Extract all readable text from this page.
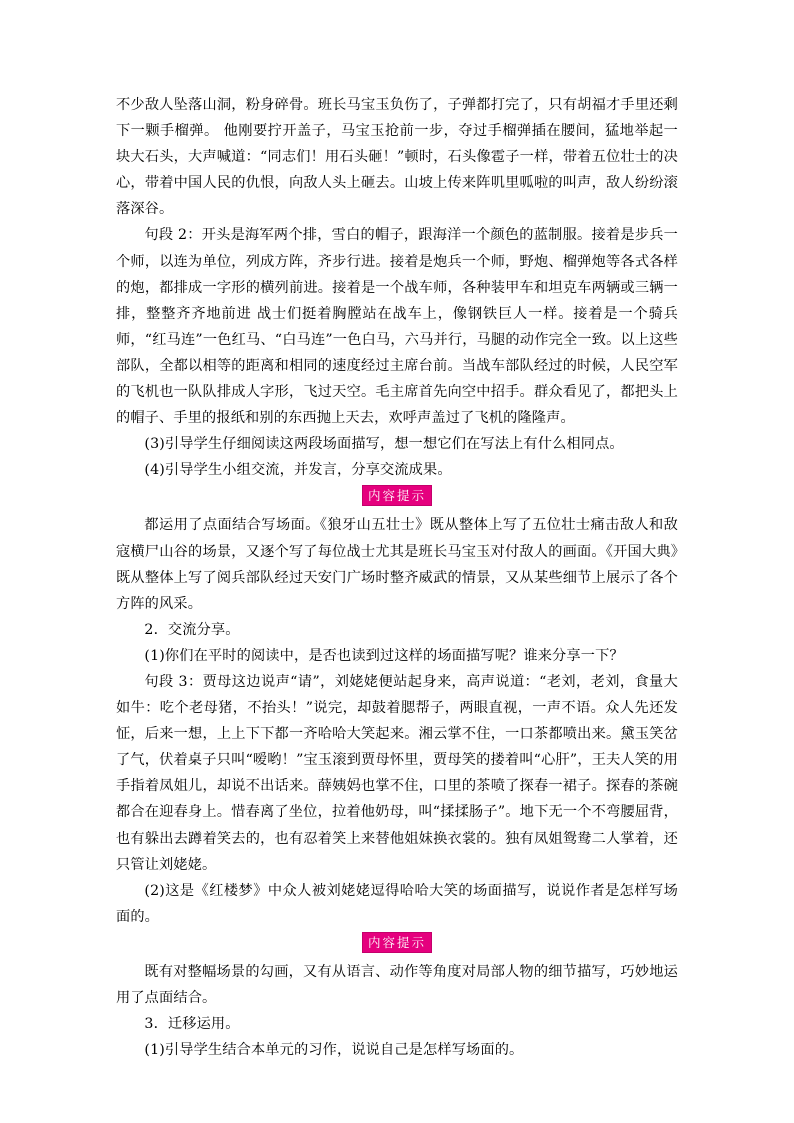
不少敌人坠落山洞，粉身碎骨。班长马宝玉负伤了，子弹都打完了，只有胡福才手里还剩下一颗手榴弹。 他刚要拧开盖子，马宝玉抢前一步，夺过手榴弹插在腰间，猛地举起一块大石头，大声喊道：“同志们！用石头砸！”顿时，石头像雹子一样，带着五位壮士的决心，带着中国人民的仇恨，向敌人头上砸去。山坡上传来阵叽里呱啦的叫声，敌人纷纷滚落深谷。

句段 2：开头是海军两个排，雪白的帽子，跟海洋一个颜色的蓝制服。接着是步兵一个师，以连为单位，列成方阵，齐步行进。接着是炮兵一个师，野炮、榴弹炮等各式各样的炮，都排成一字形的横列前进。接着是一个战车师，各种装甲车和坦克车两辆或三辆一排，整整齐齐地前进 战士们挺着胸膛站在战车上，像钢铁巨人一样。接着是一个骑兵师，“红马连”一色红马、“白马连”一色白马，六马并行，马腿的动作完全一致。以上这些部队，全都以相等的距离和相同的速度经过主席台前。当战车部队经过的时候，人民空军的飞机也一队队排成人字形，飞过天空。毛主席首先向空中招手。群众看见了，都把头上的帽子、手里的报纸和别的东西抛上天去，欢呼声盖过了飞机的隆隆声。

(3)引导学生仔细阅读这两段场面描写，想一想它们在写法上有什么相同点。

(4)引导学生小组交流，并发言，分享交流成果。

内容提示

都运用了点面结合写场面。《狼牙山五壮士》既从整体上写了五位壮士痛击敌人和敌寇横尸山谷的场景，又逐个写了每位战士尤其是班长马宝玉对付敌人的画面。《开国大典》既从整体上写了阅兵部队经过天安门广场时整齐威武的情景，又从某些细节上展示了各个方阵的风采。

2．交流分享。

(1)你们在平时的阅读中，是否也读到过这样的场面描写呢？谁来分享一下？

句段 3：贾母这边说声“请”，刘姥姥便站起身来，高声说道：“老刘，老刘，食量大如牛：吃个老母猪，不抬头！”说完，却鼓着腮帮子，两眼直视，一声不语。众人先还发怔，后来一想，上上下下都一齐哈哈大笑起来。湘云掌不住，一口茶都喷出来。黛玉笑岔了气，伏着桌子只叫“嗳哟！”宝玉滚到贾母怀里，贾母笑的搂着叫“心肝”，王夫人笑的用手指着凤姐儿，却说不出话来。薛姨妈也掌不住，口里的茶喷了探春一裙子。探春的茶碗都合在迎春身上。惜春离了坐位，拉着他奶母，叫“揉揉肠子”。地下无一个不弯腰屈背，也有躲出去蹲着笑去的，也有忍着笑上来替他姐妹换衣裳的。独有凤姐鸳鸯二人掌着，还只管让刘姥姥。

(2)这是《红楼梦》中众人被刘姥姥逗得哈哈大笑的场面描写，说说作者是怎样写场面的。

内容提示

既有对整幅场景的勾画，又有从语言、动作等角度对局部人物的细节描写，巧妙地运用了点面结合。

3．迁移运用。

(1)引导学生结合本单元的习作，说说自己是怎样写场面的。
